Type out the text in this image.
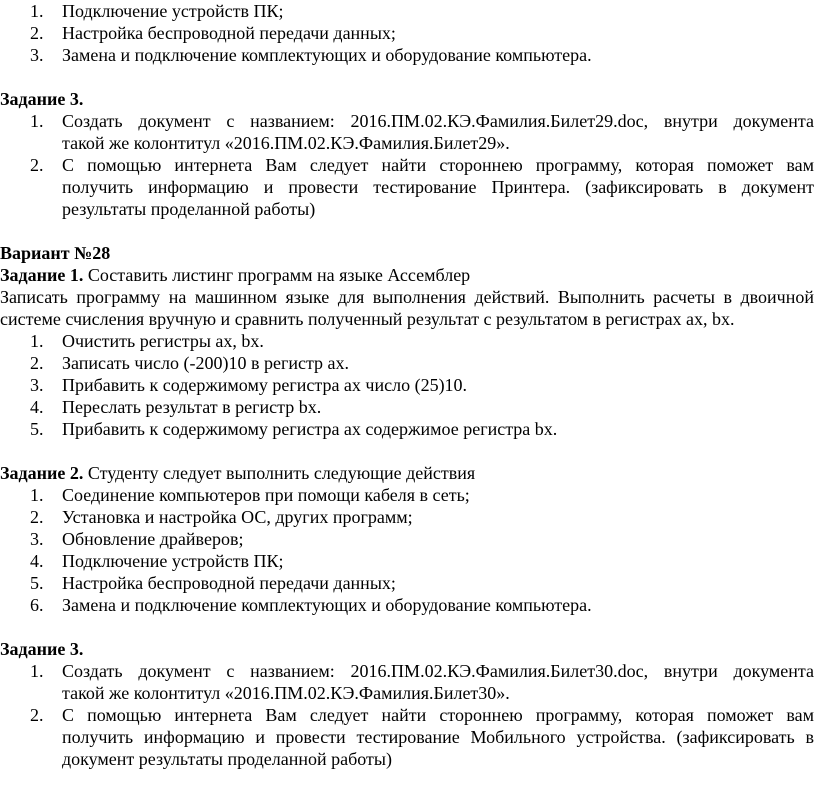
1. Подключение устройств ПК;
2. Настройка беспроводной передачи данных;
3. Замена и подключение комплектующих и оборудование компьютера.
Задание 3.
1. Создать документ с названием: 2016.ПМ.02.КЭ.Фамилия.Билет29.doc, внутри документа
такой же колонтитул «2016.ПМ.02.КЭ.Фамилия.Билет29».
2. С помощью интернета Вам следует найти стороннею программу, которая поможет вам
получить информацию и провести тестирование Принтера. (зафиксировать в документ
результаты проделанной работы)
Вариант №28
Задание 1. Составить листинг программ на языке Ассемблер
Записать программу на машинном языке для выполнения действий. Выполнить расчеты в двоичной
системе счисления вручную и сравнить полученный результат с результатом в регистрах ax, bx.
1. Очистить регистры ax, bx.
2. Записать число (-200)10 в регистр ax.
3. Прибавить к содержимому регистра ax число (25)10.
4. Переслать результат в регистр bx.
5. Прибавить к содержимому регистра ax содержимое регистра bx.
Задание 2. Студенту следует выполнить следующие действия
1. Соединение компьютеров при помощи кабеля в сеть;
2. Установка и настройка ОС, других программ;
3. Обновление драйверов;
4. Подключение устройств ПК;
5. Настройка беспроводной передачи данных;
6. Замена и подключение комплектующих и оборудование компьютера.
Задание 3.
1. Создать документ с названием: 2016.ПМ.02.КЭ.Фамилия.Билет30.doc, внутри документа
такой же колонтитул «2016.ПМ.02.КЭ.Фамилия.Билет30».
2. С помощью интернета Вам следует найти стороннею программу, которая поможет вам
получить информацию и провести тестирование Мобильного устройства. (зафиксировать в
документ результаты проделанной работы)
